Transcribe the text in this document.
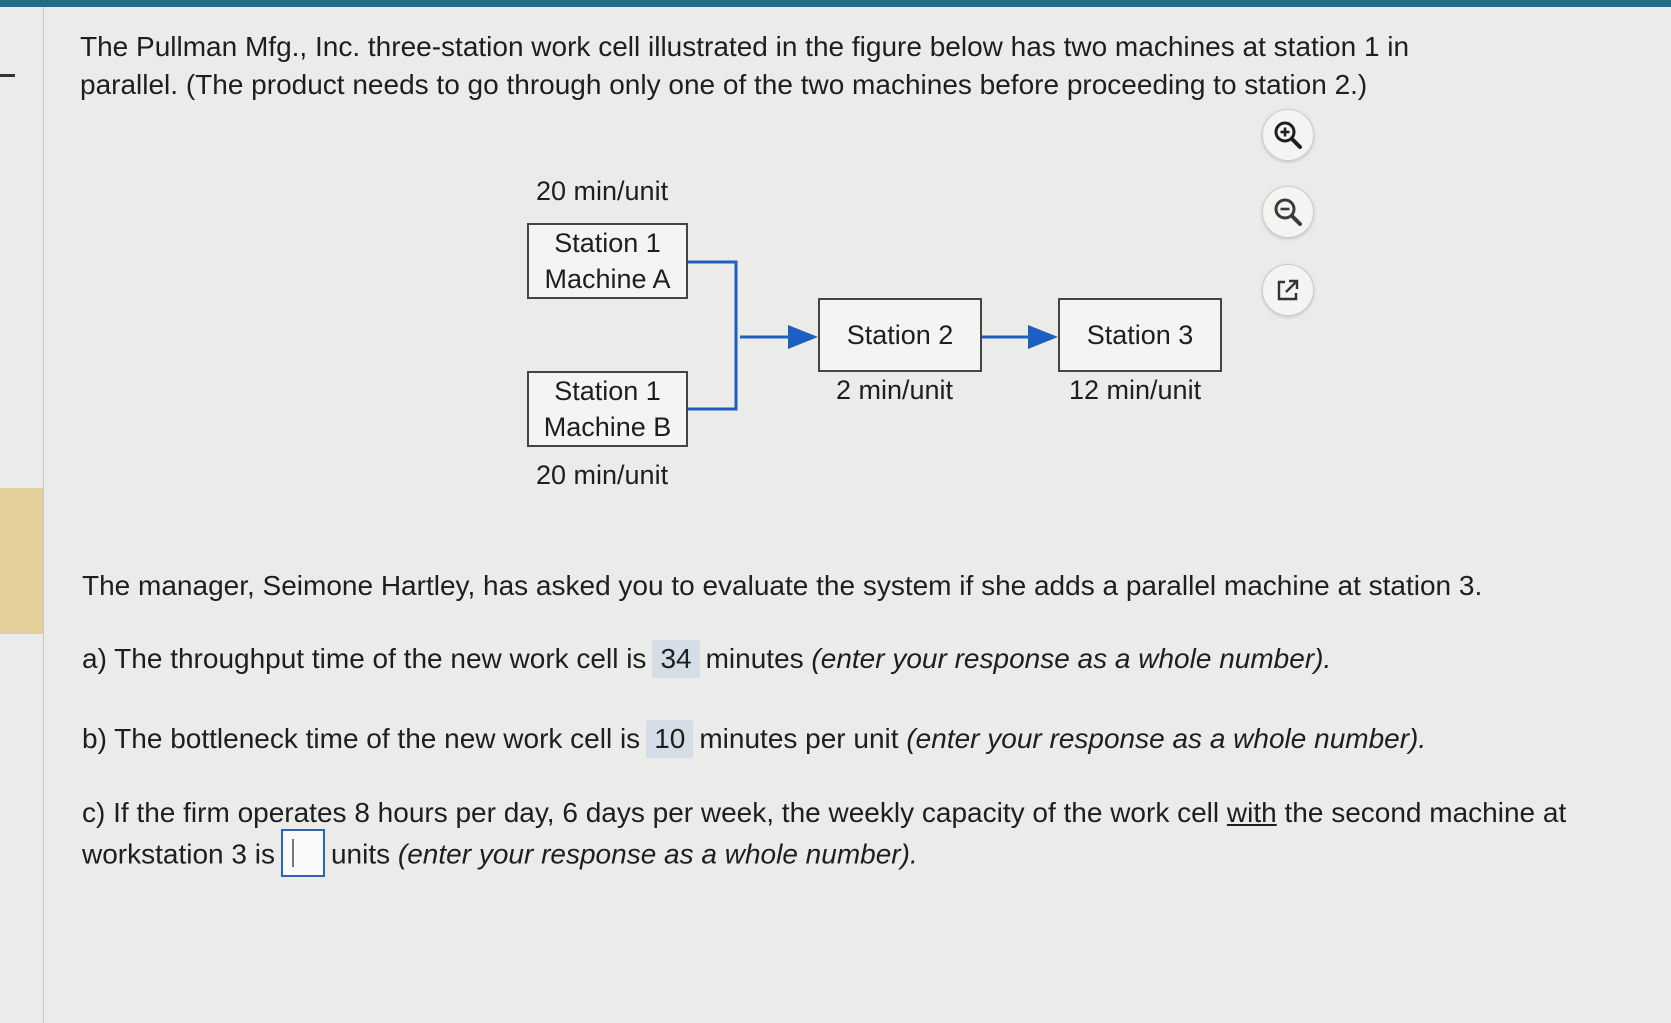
The Pullman Mfg., Inc. three-station work cell illustrated in the figure below has two machines at station 1 in
parallel. (The product needs to go through only one of the two machines before proceeding to station 2.)

20 min/unit
Station 1
Machine A
Station 1
Machine B
20 min/unit
Station 2
2 min/unit
Station 3
12 min/unit

The manager, Seimone Hartley, has asked you to evaluate the system if she adds a parallel machine at station 3.

a) The throughput time of the new work cell is 34 minutes (enter your response as a whole number).

b) The bottleneck time of the new work cell is 10 minutes per unit (enter your response as a whole number).

c) If the firm operates 8 hours per day, 6 days per week, the weekly capacity of the work cell with the second machine at
workstation 3 is units (enter your response as a whole number).
